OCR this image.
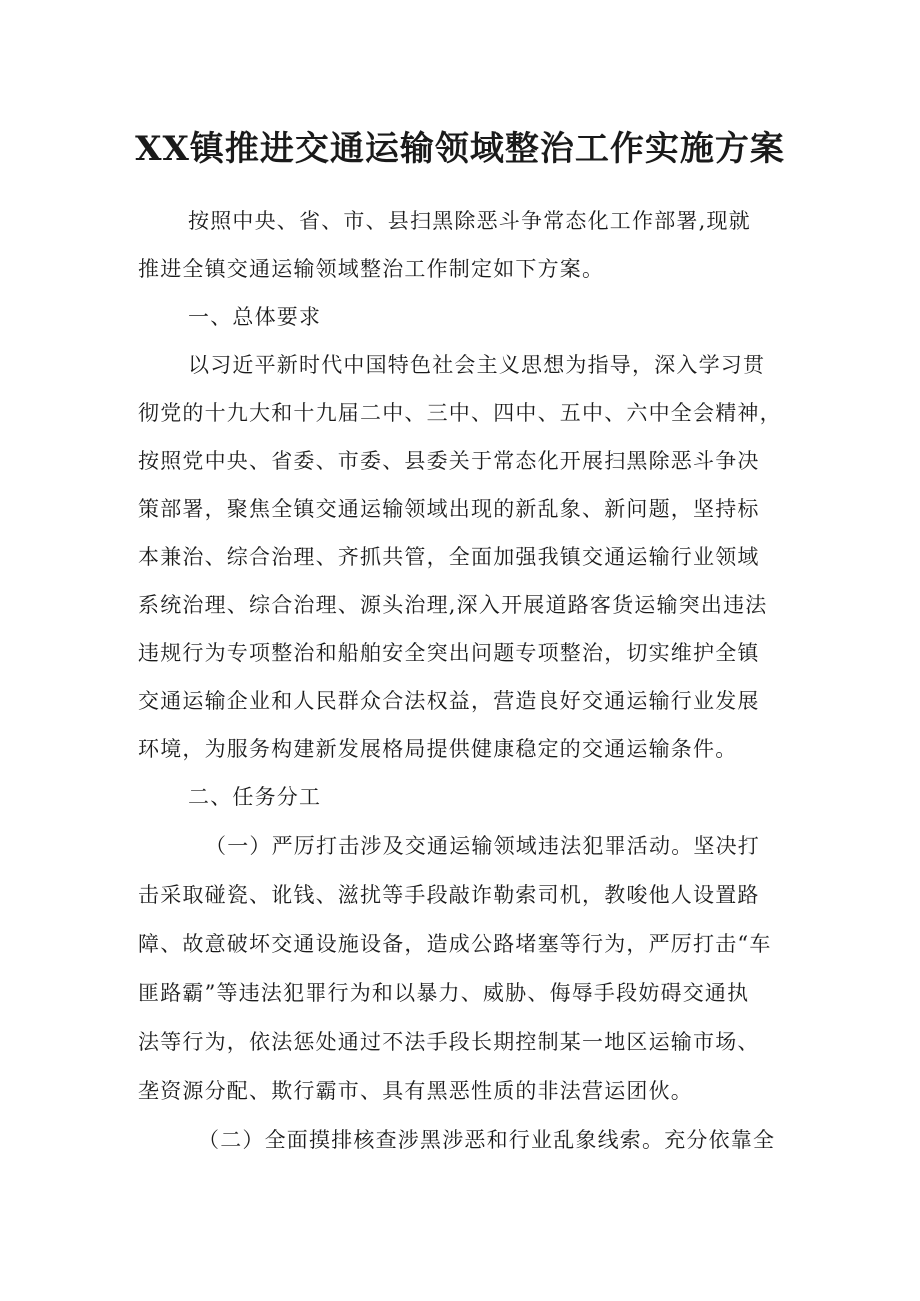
XX镇推进交通运输领域整治工作实施方案
按照中央、省、市、县扫黑除恶斗争常态化工作部署,现就
推进全镇交通运输领域整治工作制定如下方案。
一、总体要求
以习近平新时代中国特色社会主义思想为指导，深入学习贯
彻党的十九大和十九届二中、三中、四中、五中、六中全会精神，
按照党中央、省委、市委、县委关于常态化开展扫黑除恶斗争决
策部署，聚焦全镇交通运输领域出现的新乱象、新问题，坚持标
本兼治、综合治理、齐抓共管，全面加强我镇交通运输行业领域
系统治理、综合治理、源头治理,深入开展道路客货运输突出违法
违规行为专项整治和船舶安全突出问题专项整治，切实维护全镇
交通运输企业和人民群众合法权益，营造良好交通运输行业发展
环境，为服务构建新发展格局提供健康稳定的交通运输条件。
二、任务分工
（一）严厉打击涉及交通运输领域违法犯罪活动。坚决打
击采取碰瓷、讹钱、滋扰等手段敲诈勒索司机，教唆他人设置路
障、故意破坏交通设施设备，造成公路堵塞等行为，严厉打击“车
匪路霸”等违法犯罪行为和以暴力、威胁、侮辱手段妨碍交通执
法等行为，依法惩处通过不法手段长期控制某一地区运输市场、
垄资源分配、欺行霸市、具有黑恶性质的非法营运团伙。
（二）全面摸排核查涉黑涉恶和行业乱象线索。充分依靠全
